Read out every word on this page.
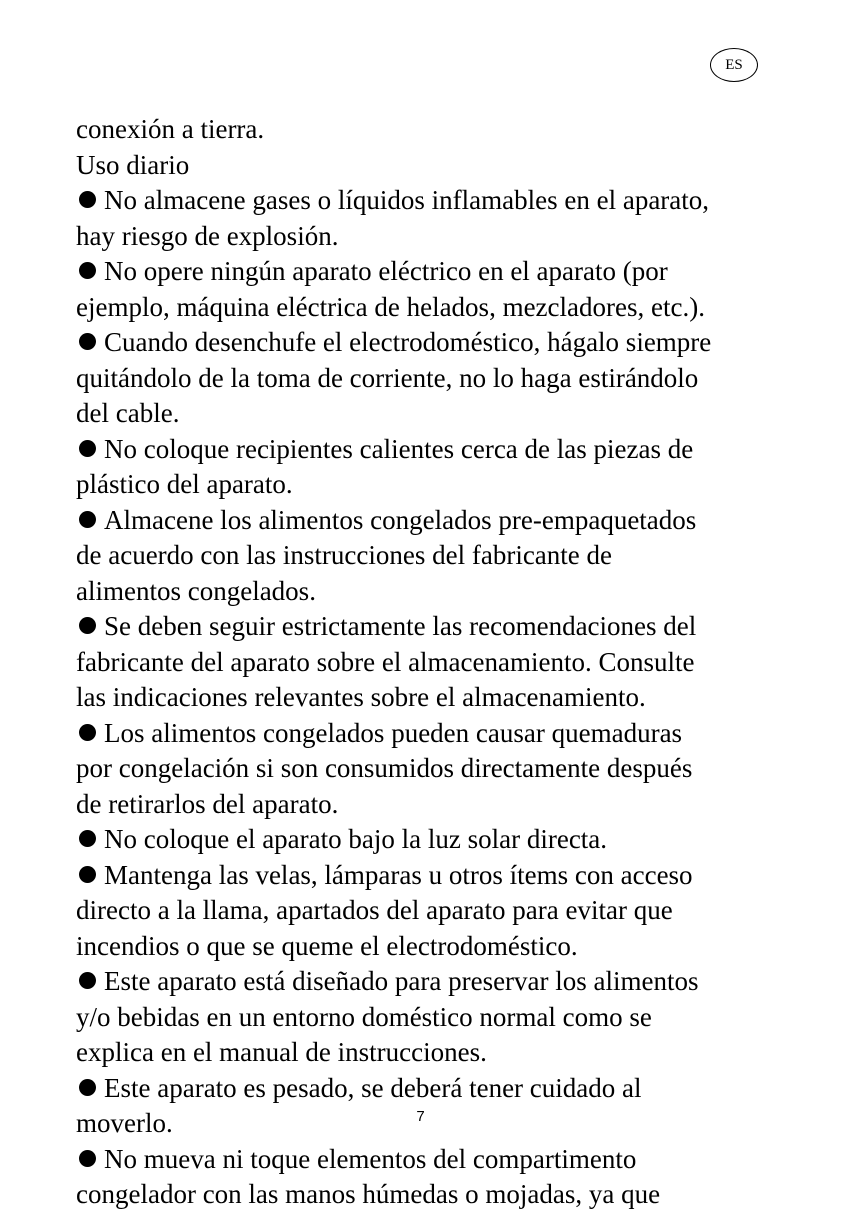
ES

conexión a tierra.

Uso diario

No almacene gases o líquidos inflamables en el aparato,

hay riesgo de explosión.

No opere ningún aparato eléctrico en el aparato (por

ejemplo, máquina eléctrica de helados, mezcladores, etc.).

Cuando desenchufe el electrodoméstico, hágalo siempre

quitándolo de la toma de corriente, no lo haga estirándolo

del cable.

No coloque recipientes calientes cerca de las piezas de

plástico del aparato.

Almacene los alimentos congelados pre-empaquetados

de acuerdo con las instrucciones del fabricante de

alimentos congelados.

Se deben seguir estrictamente las recomendaciones del

fabricante del aparato sobre el almacenamiento. Consulte

las indicaciones relevantes sobre el almacenamiento.

Los alimentos congelados pueden causar quemaduras

por congelación si son consumidos directamente después

de retirarlos del aparato.

No coloque el aparato bajo la luz solar directa.

Mantenga las velas, lámparas u otros ítems con acceso

directo a la llama, apartados del aparato para evitar que

incendios o que se queme el electrodoméstico.

Este aparato está diseñado para preservar los alimentos

y/o bebidas en un entorno doméstico normal como se

explica en el manual de instrucciones.

Este aparato es pesado, se deberá tener cuidado al

moverlo.

No mueva ni toque elementos del compartimento

congelador con las manos húmedas o mojadas, ya que

7
